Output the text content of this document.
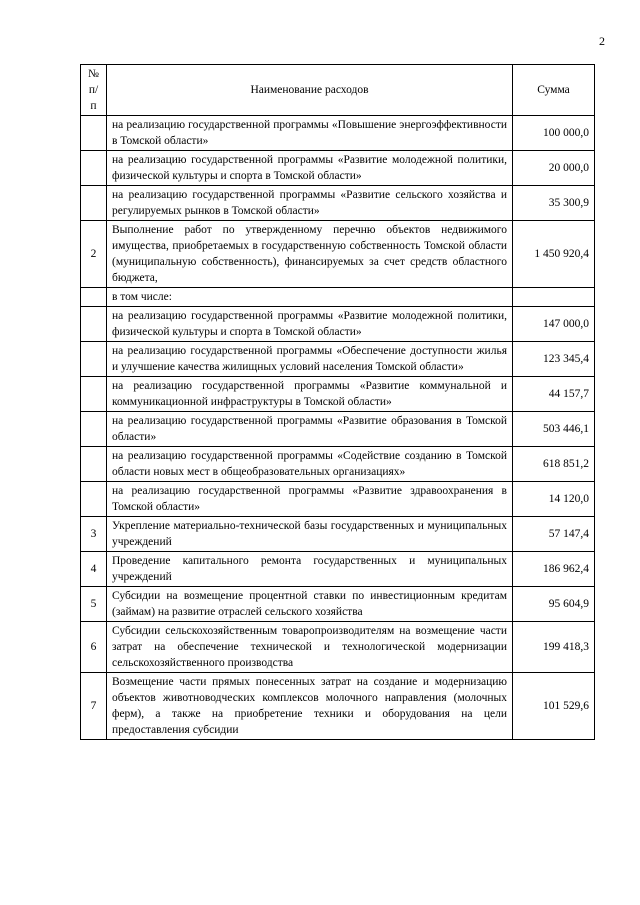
2
№ п/ п	Наименование расходов	Сумма
	на реализацию государственной программы «Повышение энергоэффективности в Томской области»	100 000,0
	на реализацию государственной программы «Развитие молодежной политики, физической культуры и спорта в Томской области»	20 000,0
	на реализацию государственной программы «Развитие сельского хозяйства и регулируемых рынков в Томской области»	35 300,9
2	Выполнение работ по утвержденному перечню объектов недвижимого имущества, приобретаемых в государственную собственность Томской области (муниципальную собственность), финансируемых за счет средств областного бюджета,	1 450 920,4
	в том числе:	
	на реализацию государственной программы «Развитие молодежной политики, физической культуры и спорта в Томской области»	147 000,0
	на реализацию государственной программы «Обеспечение доступности жилья и улучшение качества жилищных условий населения Томской области»	123 345,4
	на реализацию государственной программы «Развитие коммунальной и коммуникационной инфраструктуры в Томской области»	44 157,7
	на реализацию государственной программы «Развитие образования в Томской области»	503 446,1
	на реализацию государственной программы «Содействие созданию в Томской области новых мест в общеобразовательных организациях»	618 851,2
	на реализацию государственной программы «Развитие здравоохранения в Томской области»	14 120,0
3	Укрепление материально-технической базы государственных и муниципальных учреждений	57 147,4
4	Проведение капитального ремонта государственных и муниципальных учреждений	186 962,4
5	Субсидии на возмещение процентной ставки по инвестиционным кредитам (займам) на развитие отраслей сельского хозяйства	95 604,9
6	Субсидии сельскохозяйственным товаропроизводителям на возмещение части затрат на обеспечение технической и технологической модернизации сельскохозяйственного производства	199 418,3
7	Возмещение части прямых понесенных затрат на создание и модернизацию объектов животноводческих комплексов молочного направления (молочных ферм), а также на приобретение техники и оборудования на цели предоставления субсидии	101 529,6
